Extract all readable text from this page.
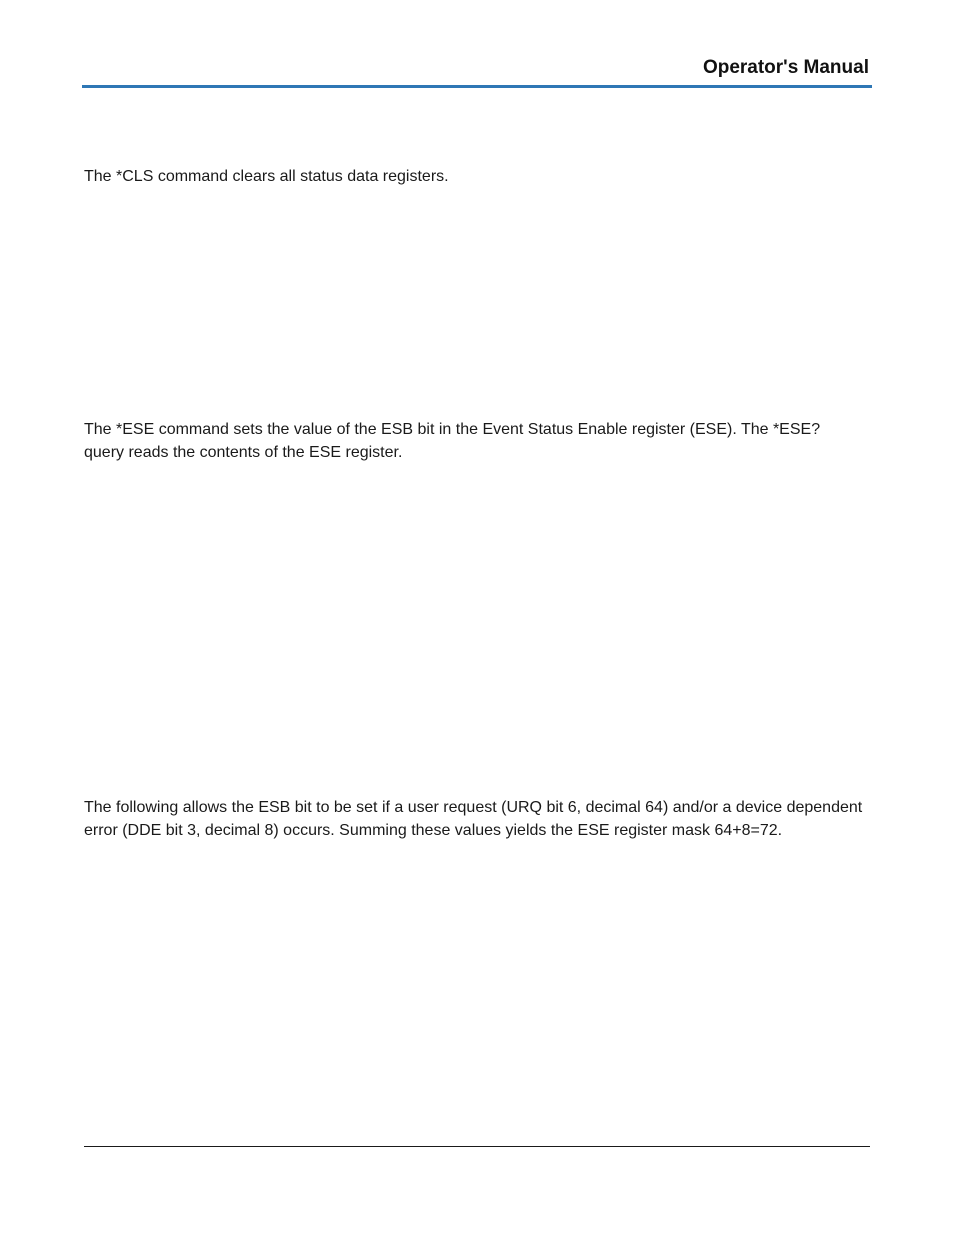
Operator's Manual

The *CLS command clears all status data registers.

The *ESE command sets the value of the ESB bit in the Event Status Enable register (ESE). The *ESE? query reads the contents of the ESE register.

The following allows the ESB bit to be set if a user request (URQ bit 6, decimal 64) and/or a device dependent error (DDE bit 3, decimal 8) occurs. Summing these values yields the ESE register mask 64+8=72.
